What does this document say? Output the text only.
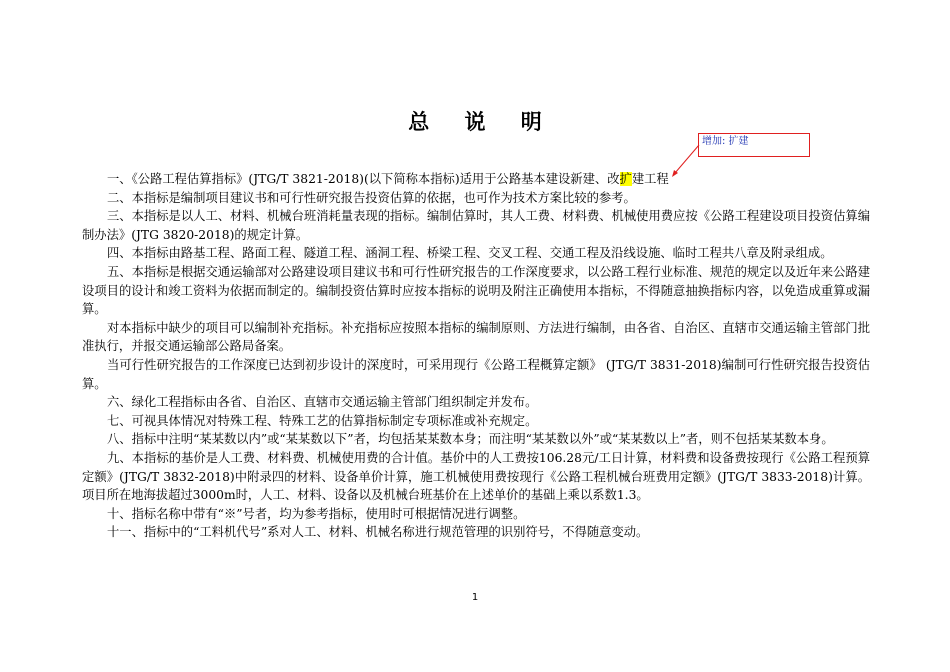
总 说 明
增加: 扩建

一、《公路工程估算指标》(JTG/T 3821-2018)(以下简称本指标)适用于公路基本建设新建、改扩建工程

二、本指标是编制项目建议书和可行性研究报告投资估算的依据，也可作为技术方案比较的参考。

三、本指标是以人工、材料、机械台班消耗量表现的指标。编制估算时，其人工费、材料费、机械使用费应按《公路工程建设项目投资估算编制办法》(JTG 3820-2018)的规定计算。

四、本指标由路基工程、路面工程、隧道工程、涵洞工程、桥梁工程、交叉工程、交通工程及沿线设施、临时工程共八章及附录组成。

五、本指标是根据交通运输部对公路建设项目建议书和可行性研究报告的工作深度要求，以公路工程行业标准、规范的规定以及近年来公路建设项目的设计和竣工资料为依据而制定的。编制投资估算时应按本指标的说明及附注正确使用本指标，不得随意抽换指标内容，以免造成重算或漏算。

对本指标中缺少的项目可以编制补充指标。补充指标应按照本指标的编制原则、方法进行编制，由各省、自治区、直辖市交通运输主管部门批准执行，并报交通运输部公路局备案。

当可行性研究报告的工作深度已达到初步设计的深度时，可采用现行《公路工程概算定额》 (JTG/T 3831-2018)编制可行性研究报告投资估算。

六、绿化工程指标由各省、自治区、直辖市交通运输主管部门组织制定并发布。

七、可视具体情况对特殊工程、特殊工艺的估算指标制定专项标准或补充规定。

八、指标中注明“某某数以内”或“某某数以下”者，均包括某某数本身；而注明“某某数以外”或“某某数以上”者，则不包括某某数本身。

九、本指标的基价是人工费、材料费、机械使用费的合计值。基价中的人工费按106.28元/工日计算，材料费和设备费按现行《公路工程预算定额》(JTG/T 3832-2018)中附录四的材料、设备单价计算，施工机械使用费按现行《公路工程机械台班费用定额》(JTG/T 3833-2018)计算。项目所在地海拔超过3000m时，人工、材料、设备以及机械台班基价在上述单价的基础上乘以系数1.3。

十、指标名称中带有“※”号者，均为参考指标，使用时可根据情况进行调整。

十一、指标中的“工料机代号”系对人工、材料、机械名称进行规范管理的识别符号，不得随意变动。

1
